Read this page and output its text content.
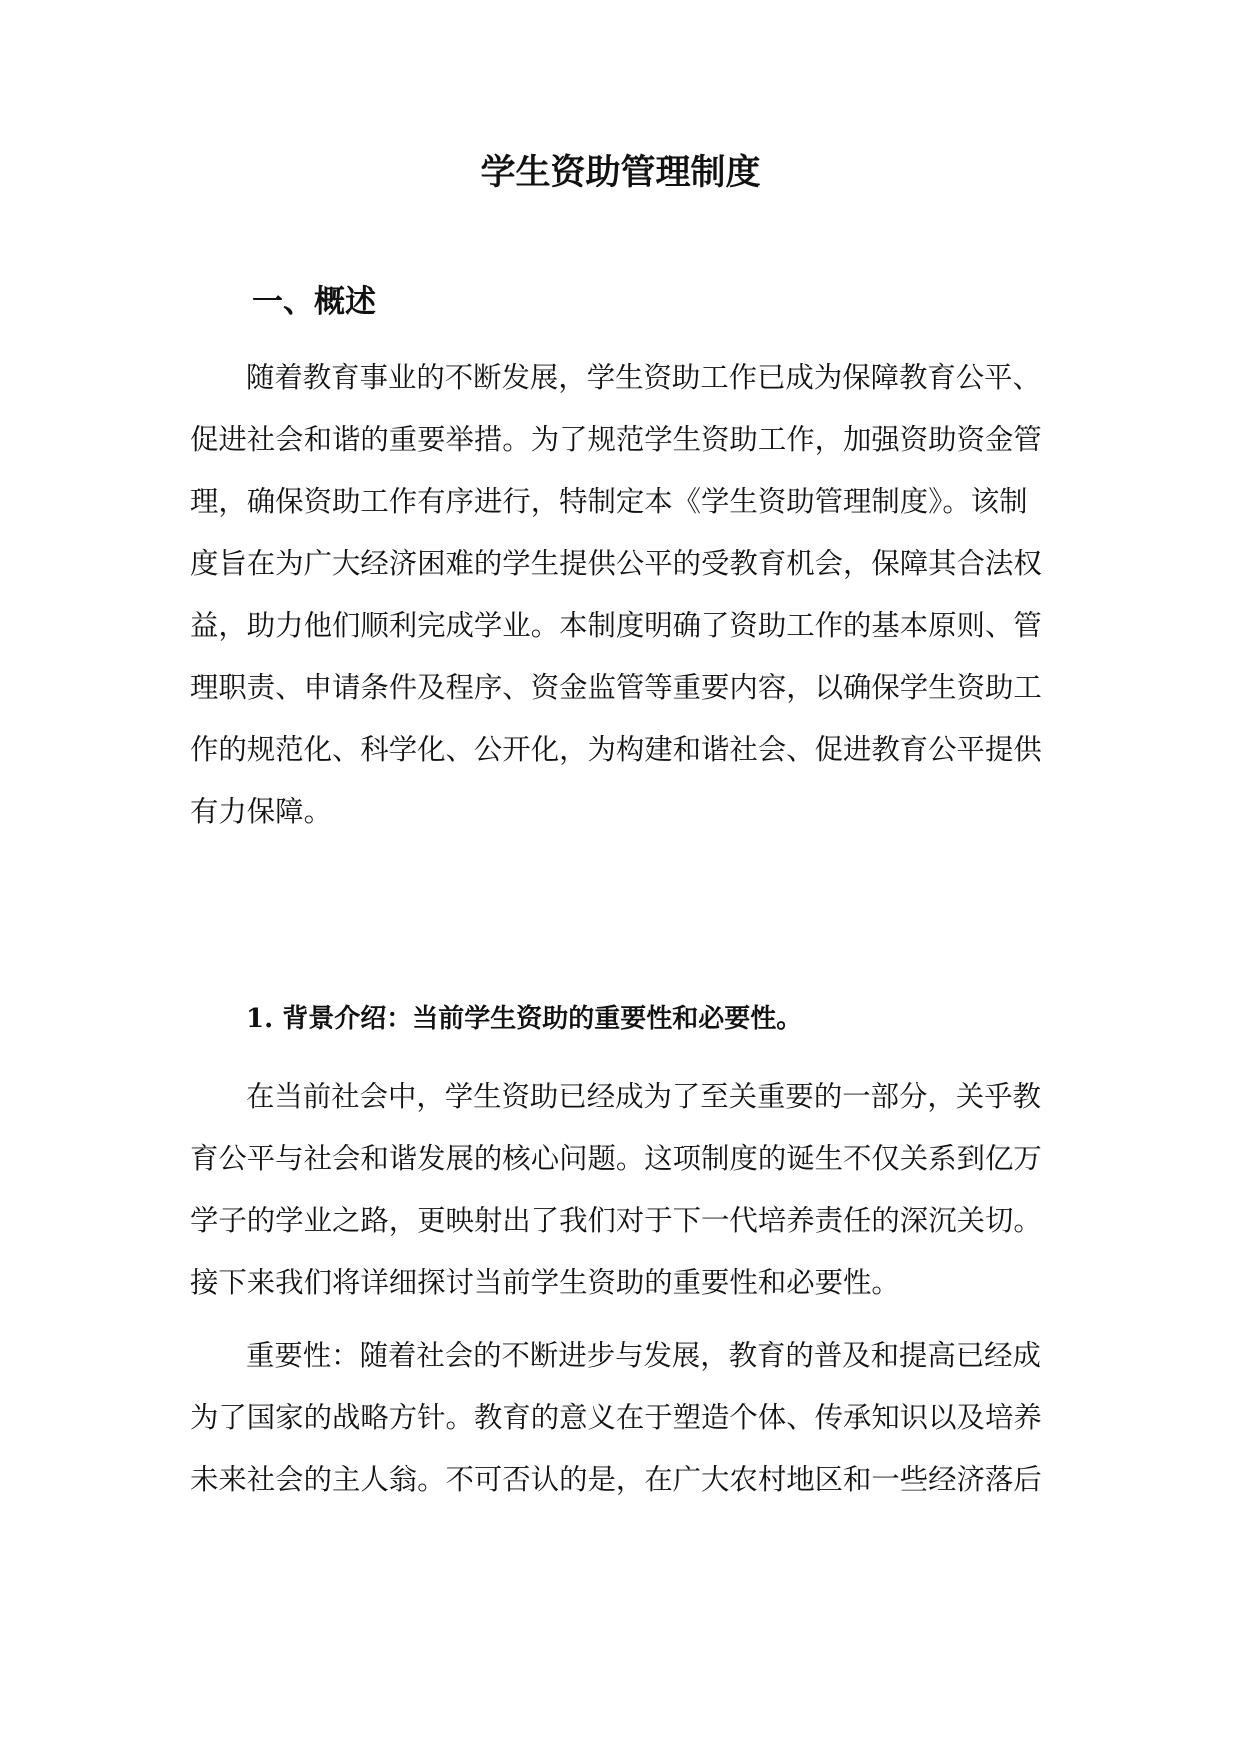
学生资助管理制度
一、概述

随着教育事业的不断发展，学生资助工作已成为保障教育公平、

促进社会和谐的重要举措。为了规范学生资助工作，加强资助资金管

理，确保资助工作有序进行，特制定本《学生资助管理制度》。该制

度旨在为广大经济困难的学生提供公平的受教育机会，保障其合法权

益，助力他们顺利完成学业。本制度明确了资助工作的基本原则、管

理职责、申请条件及程序、资金监管等重要内容，以确保学生资助工

作的规范化、科学化、公开化，为构建和谐社会、促进教育公平提供

有力保障。

1. 背景介绍：当前学生资助的重要性和必要性。

在当前社会中，学生资助已经成为了至关重要的一部分，关乎教

育公平与社会和谐发展的核心问题。这项制度的诞生不仅关系到亿万

学子的学业之路，更映射出了我们对于下一代培养责任的深沉关切。

接下来我们将详细探讨当前学生资助的重要性和必要性。

重要性：随着社会的不断进步与发展，教育的普及和提高已经成

为了国家的战略方针。教育的意义在于塑造个体、传承知识以及培养

未来社会的主人翁。不可否认的是，在广大农村地区和一些经济落后
